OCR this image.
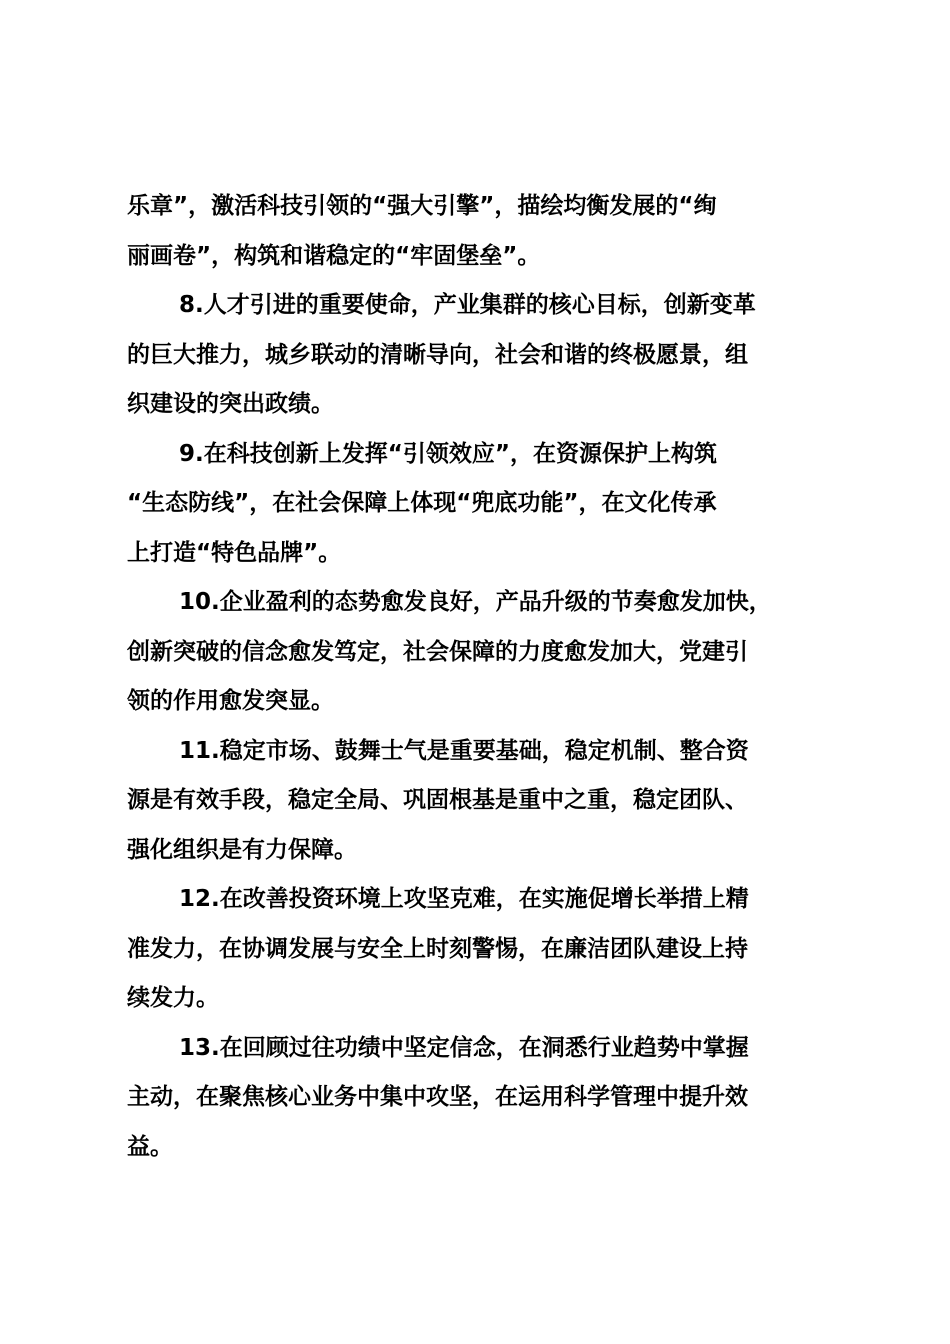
乐章”，激活科技引领的“强大引擎”，描绘均衡发展的“绚
丽画卷”，构筑和谐稳定的“牢固堡垒”。
8.人才引进的重要使命，产业集群的核心目标，创新变革
的巨大推力，城乡联动的清晰导向，社会和谐的终极愿景，组
织建设的突出政绩。
9.在科技创新上发挥“引领效应”，在资源保护上构筑
“生态防线”，在社会保障上体现“兜底功能”，在文化传承
上打造“特色品牌”。
10.企业盈利的态势愈发良好，产品升级的节奏愈发加快，
创新突破的信念愈发笃定，社会保障的力度愈发加大，党建引
领的作用愈发突显。
11.稳定市场、鼓舞士气是重要基础，稳定机制、整合资
源是有效手段，稳定全局、巩固根基是重中之重，稳定团队、
强化组织是有力保障。
12.在改善投资环境上攻坚克难，在实施促增长举措上精
准发力，在协调发展与安全上时刻警惕，在廉洁团队建设上持
续发力。
13.在回顾过往功绩中坚定信念，在洞悉行业趋势中掌握
主动，在聚焦核心业务中集中攻坚，在运用科学管理中提升效
益。
